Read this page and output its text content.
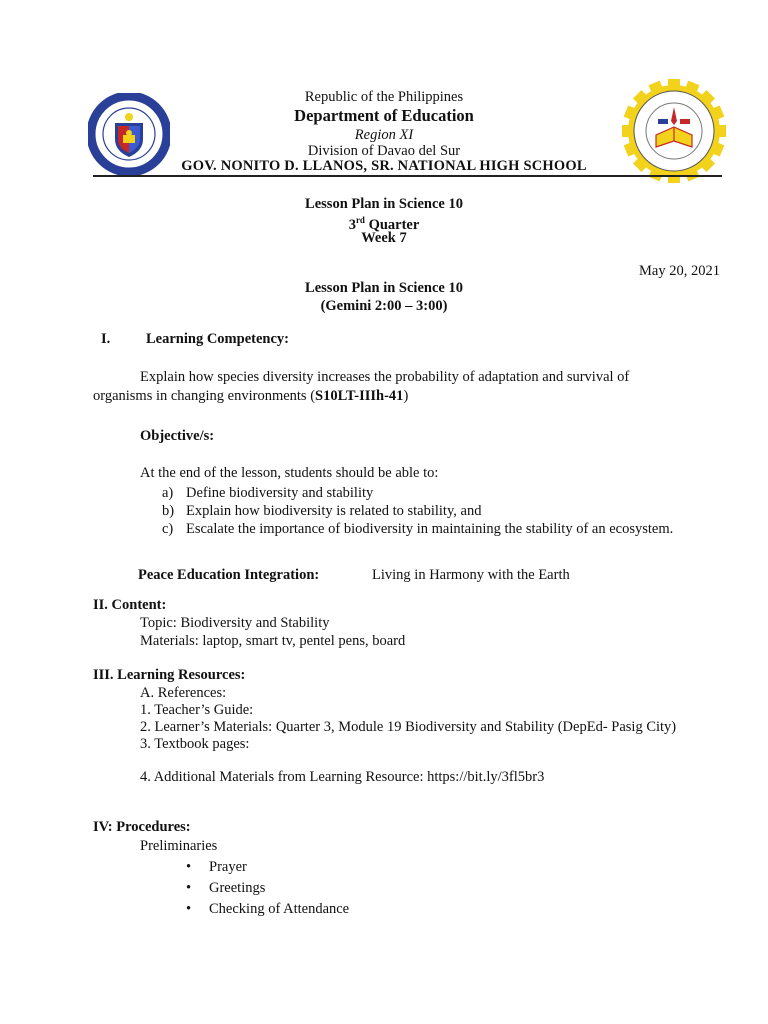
Republic of the Philippines
Department of Education
Region XI
Division of Davao del Sur
GOV. NONITO D. LLANOS, SR. NATIONAL HIGH SCHOOL
Lesson Plan in Science 10
3rd Quarter
Week 7
May 20, 2021
Lesson Plan in Science 10
(Gemini 2:00 – 3:00)
I. Learning Competency:
Explain how species diversity increases the probability of adaptation and survival of
organisms in changing environments (S10LT-IIIh-41)
Objective/s:
At the end of the lesson, students should be able to:
a) Define biodiversity and stability
b) Explain how biodiversity is related to stability, and
c) Escalate the importance of biodiversity in maintaining the stability of an ecosystem.
Peace Education Integration:	Living in Harmony with the Earth
II. Content:
Topic: Biodiversity and Stability
Materials: laptop, smart tv, pentel pens, board
III. Learning Resources:
A. References:
1. Teacher’s Guide:
2. Learner’s Materials: Quarter 3, Module 19 Biodiversity and Stability (DepEd- Pasig City)
3. Textbook pages:
4. Additional Materials from Learning Resource: https://bit.ly/3fl5br3
IV: Procedures:
Preliminaries
• Prayer
• Greetings
• Checking of Attendance
